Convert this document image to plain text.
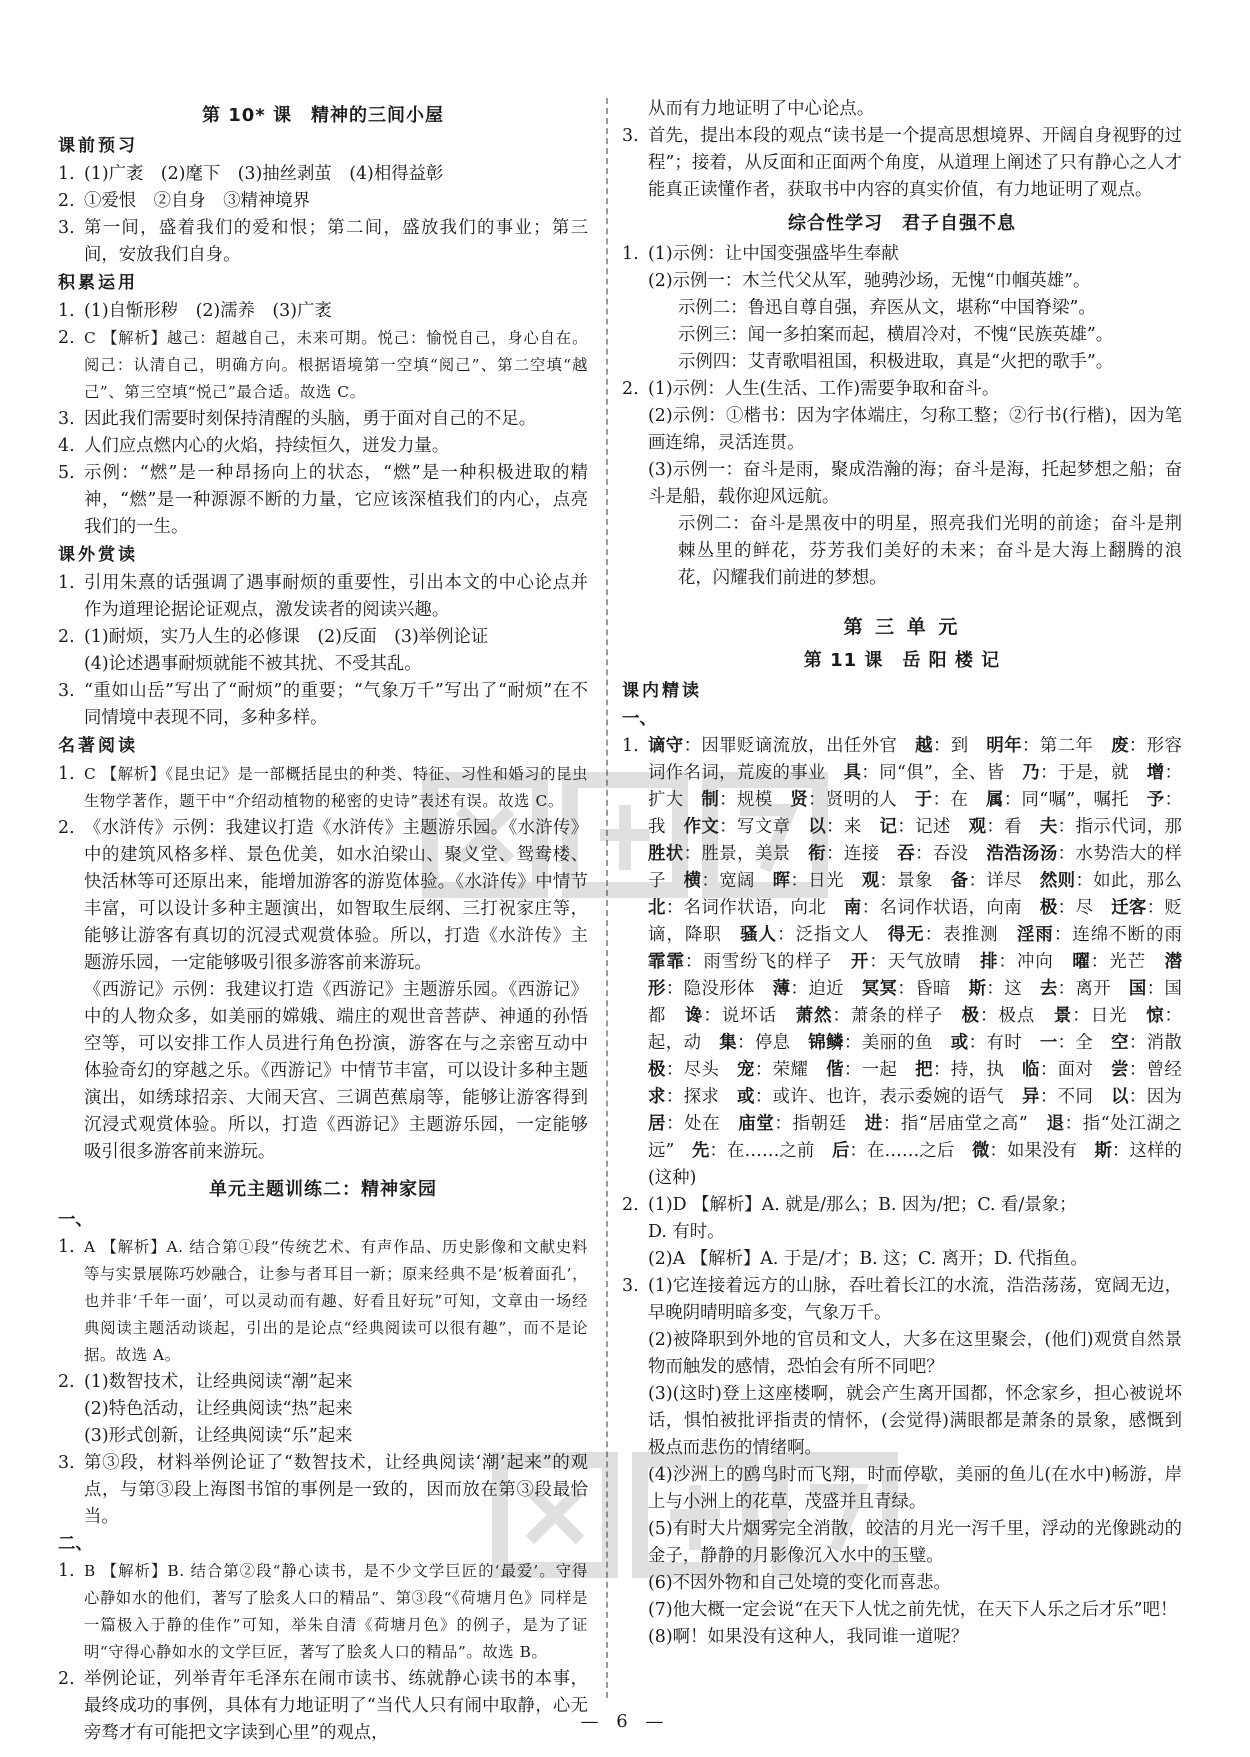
第 10* 课　精神的三间小屋
课前预习
1. (1)广袤　(2)麾下　(3)抽丝剥茧　(4)相得益彰
2. ①爱恨　②自身　③精神境界
3. 第一间，盛着我们的爱和恨；第二间，盛放我们的事业；第三间，安放我们自身。
积累运用
1. (1)自惭形秽　(2)濡养　(3)广袤
2. C 【解析】越己：超越自己，未来可期。悦己：愉悦自己，身心自在。阅己：认清自己，明确方向。根据语境第一空填“阅己”、第二空填“越己”、第三空填“悦己”最合适。故选 C。
3. 因此我们需要时刻保持清醒的头脑，勇于面对自己的不足。
4. 人们应点燃内心的火焰，持续恒久，迸发力量。
5. 示例：“燃”是一种昂扬向上的状态，“燃”是一种积极进取的精神，“燃”是一种源源不断的力量，它应该深植我们的内心，点亮我们的一生。
课外赏读
1. 引用朱熹的话强调了遇事耐烦的重要性，引出本文的中心论点并作为道理论据论证观点，激发读者的阅读兴趣。
2. (1)耐烦，实乃人生的必修课　(2)反面　(3)举例论证
(4)论述遇事耐烦就能不被其扰、不受其乱。
3. “重如山岳”写出了“耐烦”的重要；“气象万千”写出了“耐烦”在不同情境中表现不同，多种多样。
名著阅读
1. C 【解析】《昆虫记》是一部概括昆虫的种类、特征、习性和婚习的昆虫生物学著作，题干中“介绍动植物的秘密的史诗”表述有误。故选 C。
2. 《水浒传》示例：我建议打造《水浒传》主题游乐园。《水浒传》中的建筑风格多样、景色优美，如水泊梁山、聚义堂、鸳鸯楼、快活林等可还原出来，能增加游客的游览体验。《水浒传》中情节丰富，可以设计多种主题演出，如智取生辰纲、三打祝家庄等，能够让游客有真切的沉浸式观赏体验。所以，打造《水浒传》主题游乐园，一定能够吸引很多游客前来游玩。
《西游记》示例：我建议打造《西游记》主题游乐园。《西游记》中的人物众多，如美丽的嫦娥、端庄的观世音菩萨、神通的孙悟空等，可以安排工作人员进行角色扮演，游客在与之亲密互动中体验奇幻的穿越之乐。《西游记》中情节丰富，可以设计多种主题演出，如绣球招亲、大闹天宫、三调芭蕉扇等，能够让游客得到沉浸式观赏体验。所以，打造《西游记》主题游乐园，一定能够吸引很多游客前来游玩。
单元主题训练二：精神家园
一、
1. A 【解析】A. 结合第①段“传统艺术、有声作品、历史影像和文献史料等与实景展陈巧妙融合，让参与者耳目一新；原来经典不是‘板着面孔’，也并非‘千年一面’，可以灵动而有趣、好看且好玩”可知，文章由一场经典阅读主题活动谈起，引出的是论点“经典阅读可以很有趣”，而不是论据。故选 A。
2. (1)数智技术，让经典阅读“潮”起来
(2)特色活动，让经典阅读“热”起来
(3)形式创新，让经典阅读“乐”起来
3. 第③段，材料举例论证了“数智技术，让经典阅读‘潮’起来”的观点，与第③段上海图书馆的事例是一致的，因而放在第③段最恰当。
二、
1. B 【解析】B. 结合第②段“静心读书，是不少文学巨匠的‘最爱’。守得心静如水的他们，著写了脍炙人口的精品”、第③段“《荷塘月色》同样是一篇极入于静的佳作”可知，举朱自清《荷塘月色》的例子，是为了证明“守得心静如水的文学巨匠，著写了脍炙人口的精品”。故选 B。
2. 举例论证，列举青年毛泽东在闹市读书、练就静心读书的本事，最终成功的事例，具体有力地证明了“当代人只有闹中取静，心无旁骛才有可能把文字读到心里”的观点，
从而有力地证明了中心论点。
3. 首先，提出本段的观点“读书是一个提高思想境界、开阔自身视野的过程”；接着，从反面和正面两个角度，从道理上阐述了只有静心之人才能真正读懂作者，获取书中内容的真实价值，有力地证明了观点。
综合性学习　君子自强不息
1. (1)示例：让中国变强盛毕生奉献
(2)示例一：木兰代父从军，驰骋沙场，无愧“巾帼英雄”。
示例二：鲁迅自尊自强，弃医从文，堪称“中国脊梁”。
示例三：闻一多拍案而起，横眉冷对，不愧“民族英雄”。
示例四：艾青歌唱祖国，积极进取，真是“火把的歌手”。
2. (1)示例：人生(生活、工作)需要争取和奋斗。
(2)示例：①楷书：因为字体端庄，匀称工整；②行书(行楷)，因为笔画连绵，灵活连贯。
(3)示例一：奋斗是雨，聚成浩瀚的海；奋斗是海，托起梦想之船；奋斗是船，载你迎风远航。
示例二：奋斗是黑夜中的明星，照亮我们光明的前途；奋斗是荆棘丛里的鲜花，芬芳我们美好的未来；奋斗是大海上翻腾的浪花，闪耀我们前进的梦想。
第 三 单 元
第 11 课　岳 阳 楼 记
课内精读
一、
1. 谪守：因罪贬谪流放，出任外官　越：到　明年：第二年　废：形容词作名词，荒废的事业　具：同“俱”，全、皆　乃：于是，就　增：扩大　制：规模　贤：贤明的人　于：在　属：同“嘱”，嘱托　予：我　作文：写文章　以：来　记：记述　观：看　夫：指示代词，那　胜状：胜景，美景　衔：连接　吞：吞没　浩浩汤汤：水势浩大的样子　横：宽阔　晖：日光　观：景象　备：详尽　然则：如此，那么　北：名词作状语，向北　南：名词作状语，向南　极：尽　迁客：贬谪，降职　骚人：泛指文人　得无：表推测　淫雨：连绵不断的雨　霏霏：雨雪纷飞的样子　开：天气放晴　排：冲向　曜：光芒　潜形：隐没形体　薄：迫近　冥冥：昏暗　斯：这　去：离开　国：国都　谗：说坏话　萧然：萧条的样子　极：极点　景：日光　惊：起，动　集：停息　锦鳞：美丽的鱼　或：有时　一：全　空：消散　极：尽头　宠：荣耀　偕：一起　把：持，执　临：面对　尝：曾经　求：探求　或：或许、也许，表示委婉的语气　异：不同　以：因为　居：处在　庙堂：指朝廷　进：指“居庙堂之高”　退：指“处江湖之远”　先：在……之前　后：在……之后　微：如果没有　斯：这样的(这种)
2. (1)D 【解析】A. 就是/那么；B. 因为/把；C. 看/景象；
D. 有时。
(2)A 【解析】A. 于是/才；B. 这；C. 离开；D. 代指鱼。
3. (1)它连接着远方的山脉，吞吐着长江的水流，浩浩荡荡，宽阔无边，早晚阴晴明暗多变，气象万千。
(2)被降职到外地的官员和文人，大多在这里聚会，(他们)观赏自然景物而触发的感情，恐怕会有所不同吧？
(3)(这时)登上这座楼啊，就会产生离开国都，怀念家乡，担心被说坏话，惧怕被批评指责的情怀，(会觉得)满眼都是萧条的景象，感慨到极点而悲伤的情绪啊。
(4)沙洲上的鸥鸟时而飞翔，时而停歇，美丽的鱼儿(在水中)畅游，岸上与小洲上的花草，茂盛并且青绿。
(5)有时大片烟雾完全消散，皎洁的月光一泻千里，浮动的光像跳动的金子，静静的月影像沉入水中的玉璧。
(6)不因外物和自己处境的变化而喜悲。
(7)他大概一定会说“在天下人忧之前先忧，在天下人乐之后才乐”吧！
(8)啊！如果没有这种人，我同谁一道呢？
— 6 —
